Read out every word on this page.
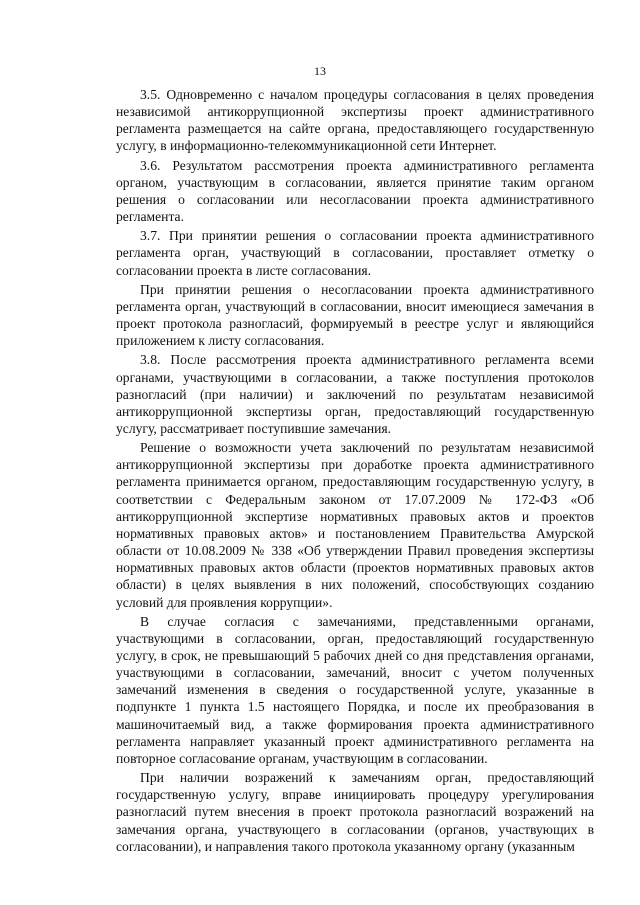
13

3.5. Одновременно с началом процедуры согласования в целях проведения независимой антикоррупционной экспертизы проект административного регламента размещается на сайте органа, предоставляющего государственную услугу, в информационно-телекоммуникационной сети Интернет.

3.6. Результатом рассмотрения проекта административного регламента органом, участвующим в согласовании, является принятие таким органом решения о согласовании или несогласовании проекта административного регламента.

3.7. При принятии решения о согласовании проекта административного регламента орган, участвующий в согласовании, проставляет отметку о согласовании проекта в листе согласования.

При принятии решения о несогласовании проекта административного регламента орган, участвующий в согласовании, вносит имеющиеся замечания в проект протокола разногласий, формируемый в реестре услуг и являющийся приложением к листу согласования.

3.8. После рассмотрения проекта административного регламента всеми органами, участвующими в согласовании, а также поступления протоколов разногласий (при наличии) и заключений по результатам независимой антикоррупционной экспертизы орган, предоставляющий государственную услугу, рассматривает поступившие замечания.

Решение о возможности учета заключений по результатам независимой антикоррупционной экспертизы при доработке проекта административного регламента принимается органом, предоставляющим государственную услугу, в соответствии с Федеральным законом от 17.07.2009 № 172-ФЗ «Об антикоррупционной экспертизе нормативных правовых актов и проектов нормативных правовых актов» и постановлением Правительства Амурской области от 10.08.2009 № 338 «Об утверждении Правил проведения экспертизы нормативных правовых актов области (проектов нормативных правовых актов области) в целях выявления в них положений, способствующих созданию условий для проявления коррупции».

В случае согласия с замечаниями, представленными органами, участвующими в согласовании, орган, предоставляющий государственную услугу, в срок, не превышающий 5 рабочих дней со дня представления органами, участвующими в согласовании, замечаний, вносит с учетом полученных замечаний изменения в сведения о государственной услуге, указанные в подпункте 1 пункта 1.5 настоящего Порядка, и после их преобразования в машиночитаемый вид, а также формирования проекта административного регламента направляет указанный проект административного регламента на повторное согласование органам, участвующим в согласовании.

При наличии возражений к замечаниям орган, предоставляющий государственную услугу, вправе инициировать процедуру урегулирования разногласий путем внесения в проект протокола разногласий возражений на замечания органа, участвующего в согласовании (органов, участвующих в согласовании), и направления такого протокола указанному органу (указанным
